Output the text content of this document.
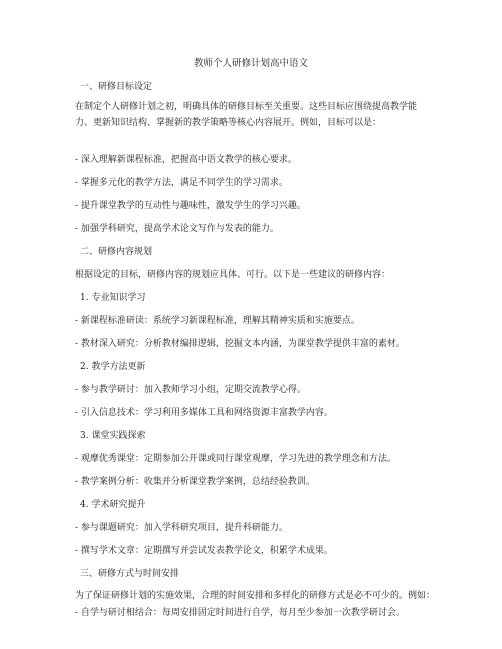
教师个人研修计划高中语文
一、研修目标设定
在制定个人研修计划之初，明确具体的研修目标至关重要。这些目标应围绕提高教学能力、更新知识结构、掌握新的教学策略等核心内容展开。例如，目标可以是：
- 深入理解新课程标准，把握高中语文教学的核心要求。
- 掌握多元化的教学方法，满足不同学生的学习需求。
- 提升课堂教学的互动性与趣味性，激发学生的学习兴趣。
- 加强学科研究，提高学术论文写作与发表的能力。
二、研修内容规划
根据设定的目标，研修内容的规划应具体、可行。以下是一些建议的研修内容：
1. 专业知识学习
- 新课程标准研读：系统学习新课程标准，理解其精神实质和实施要点。
- 教材深入研究：分析教材编排逻辑，挖掘文本内涵，为课堂教学提供丰富的素材。
2. 教学方法更新
- 参与教学研讨：加入教师学习小组，定期交流教学心得。
- 引入信息技术：学习利用多媒体工具和网络资源丰富教学内容。
3. 课堂实践探索
- 观摩优秀课堂：定期参加公开课或同行课堂观摩，学习先进的教学理念和方法。
- 教学案例分析：收集并分析课堂教学案例，总结经验教训。
4. 学术研究提升
- 参与课题研究：加入学科研究项目，提升科研能力。
- 撰写学术文章：定期撰写并尝试发表教学论文，积累学术成果。
三、研修方式与时间安排
为了保证研修计划的实施效果，合理的时间安排和多样化的研修方式是必不可少的。例如：
- 自学与研讨相结合：每周安排固定时间进行自学，每月至少参加一次教学研讨会。
